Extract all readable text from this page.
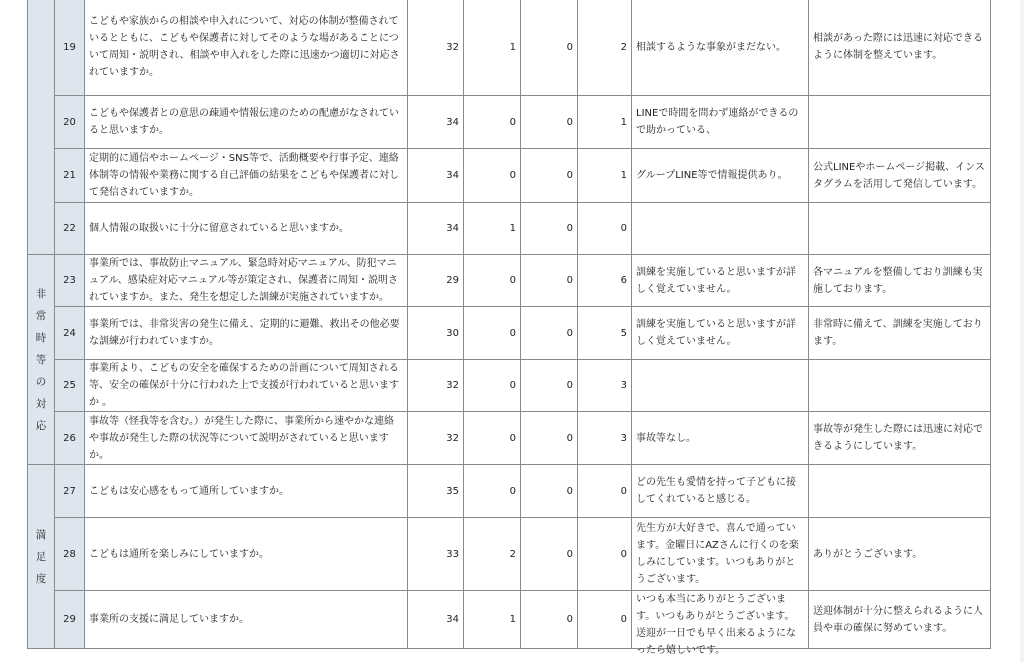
	19	こどもや家族からの相談や申入れについて、対応の体制が整備されているとともに、こどもや保護者に対してそのような場があることについて周知・説明され、相談や申入れをした際に迅速かつ適切に対応されていますか。	32	1	0	2	相談するような事象がまだない。	相談があった際には迅速に対応できるように体制を整えています。

	20	こどもや保護者との意思の疎通や情報伝達のための配慮がなされていると思いますか。	34	0	0	1	LINEで時間を問わず連絡ができるので助かっている、	

	21	定期的に通信やホームページ・SNS等で、活動概要や行事予定、連絡体制等の情報や業務に関する自己評価の結果をこどもや保護者に対して発信されていますか。	34	0	0	1	グループLINE等で情報提供あり。	公式LINEやホームページ掲載、インスタグラムを活用して発信しています。

	22	個人情報の取扱いに十分に留意されていると思いますか。	34	1	0	0	

非常時等の対応	23	事業所では、事故防止マニュアル、緊急時対応マニュアル、防犯マニュアル、感染症対応マニュアル等が策定され、保護者に周知・説明されていますか。また、発生を想定した訓練が実施されていますか。	29	0	0	6	訓練を実施していると思いますが詳しく覚えていません。	各マニュアルを整備しており訓練も実施しております。

	24	事業所では、非常災害の発生に備え、定期的に避難、救出その他必要な訓練が行われていますか。	30	0	0	5	訓練を実施していると思いますが詳しく覚えていません。	非常時に備えて、訓練を実施しております。

	25	事業所より、こどもの安全を確保するための計画について周知される等、安全の確保が十分に行われた上で支援が行われていると思いますか 。	32	0	0	3	

	26	事故等（怪我等を含む。）が発生した際に、事業所から速やかな連絡や事故が発生した際の状況等について説明がされていると思いますか。	32	0	0	3	事故等なし。	事故等が発生した際には迅速に対応できるようにしています。

満足度	27	こどもは安心感をもって通所していますか。	35	0	0	0	どの先生も愛情を持って子どもに接してくれていると感じる。	

	28	こどもは通所を楽しみにしていますか。	33	2	0	0	先生方が大好きで、喜んで通っています。金曜日にAZさんに行くのを楽しみにしています。いつもありがとうございます。	ありがとうございます。

	29	事業所の支援に満足していますか。	34	1	0	0	いつも本当にありがとうございます。いつもありがとうございます。送迎が一日でも早く出来るようになったら嬉しいです。	送迎体制が十分に整えられるように人員や車の確保に努めています。
